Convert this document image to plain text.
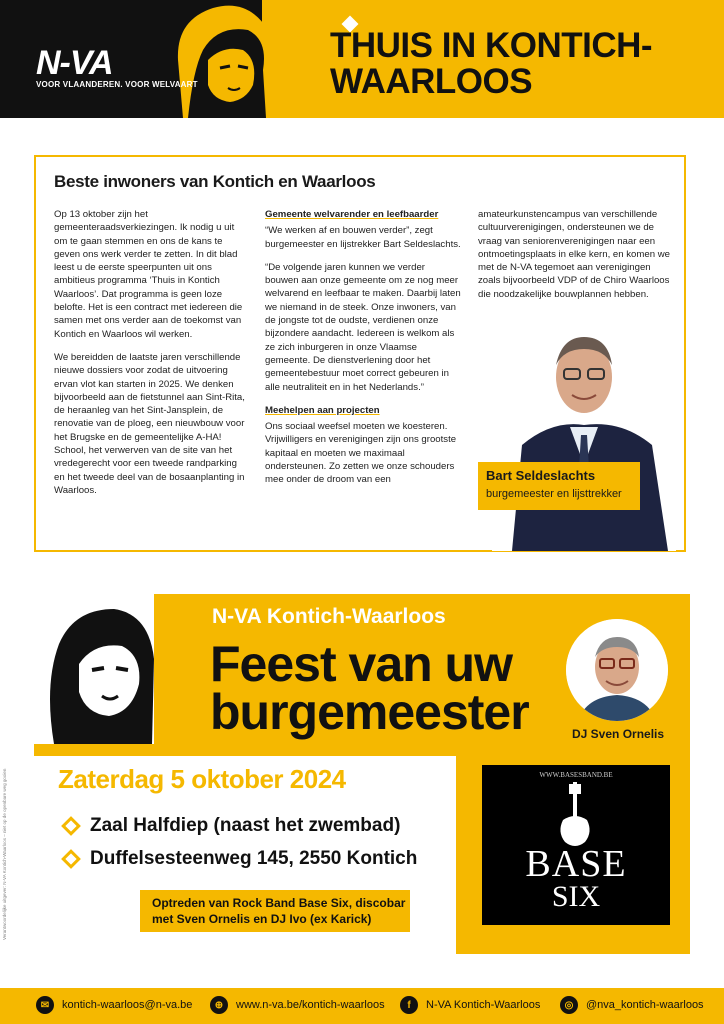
N-VA
VOOR VLAANDEREN. VOOR WELVAART
THUIS IN KONTICH-WAARLOOS
Beste inwoners van Kontich en Waarloos

Op 13 oktober zijn het gemeenteraadsverkiezingen. Ik nodig u uit om te gaan stemmen en ons de kans te geven ons werk verder te zetten. In dit blad leest u de eerste speerpunten uit ons ambitieus programma ‘Thuis in Kontich Waarloos’. Dat programma is geen loze belofte. Het is een contract met iedereen die samen met ons verder aan de toekomst van Kontich en Waarloos wil werken.

We bereidden de laatste jaren verschillende nieuwe dossiers voor zodat de uitvoering ervan vlot kan starten in 2025. We denken bijvoorbeeld aan de fietstunnel aan Sint-Rita, de heraanleg van het Sint-Jansplein, de renovatie van de ploeg, een nieuwbouw voor het Brugske en de gemeentelijke A-HA! School, het verwerven van de site van het vredegerecht voor een tweede randparking en het tweede deel van de bosaanplanting in Waarloos.

Gemeente welvarender en leefbaarder

“We werken af en bouwen verder”, zegt burgemeester en lijstrekker Bart Seldeslachts.

“De volgende jaren kunnen we verder bouwen aan onze gemeente om ze nog meer welvarend en leefbaar te maken. Daarbij laten we niemand in de steek. Onze inwoners, van de jongste tot de oudste, verdienen onze bijzondere aandacht. Iedereen is welkom als ze zich inburgeren in onze Vlaamse gemeente. De dienstverlening door het gemeentebestuur moet correct gebeuren in alle neutraliteit en in het Nederlands.”

Meehelpen aan projecten

Ons sociaal weefsel moeten we koesteren. Vrijwilligers en verenigingen zijn ons grootste kapitaal en moeten we maximaal ondersteunen. Zo zetten we onze schouders mee onder de droom van een

amateurkunstencampus van verschillende cultuurverenigingen, ondersteunen we de vraag van seniorenverenigingen naar een ontmoetingsplaats in elke kern, en komen we met de N-VA tegemoet aan verenigingen zoals bijvoorbeeld VDP of de Chiro Waarloos die noodzakelijke bouwplannen hebben.

Bart Seldeslachts
burgemeester en lijsttrekker
Verantwoordelijke uitgever: N-VA Kontich-Waarloos – niet op de openbare weg gooien
N-VA Kontich-Waarloos
Feest van uw
burgemeester	DJ Sven Ornelis
Zaterdag 5 oktober 2024
Zaal Halfdiep (naast het zwembad)
Duffelsesteenweg 145, 2550 Kontich
Optreden van Rock Band Base Six, discobar met Sven Ornelis en DJ Ivo (ex Karick)
WWW.BASESBAND.BE
BASE
SIX
✉	kontich-waarloos@n-va.be	⊕	www.n-va.be/kontich-waarloos	f	N-VA Kontich-Waarloos	◎	@nva_kontich-waarloos
